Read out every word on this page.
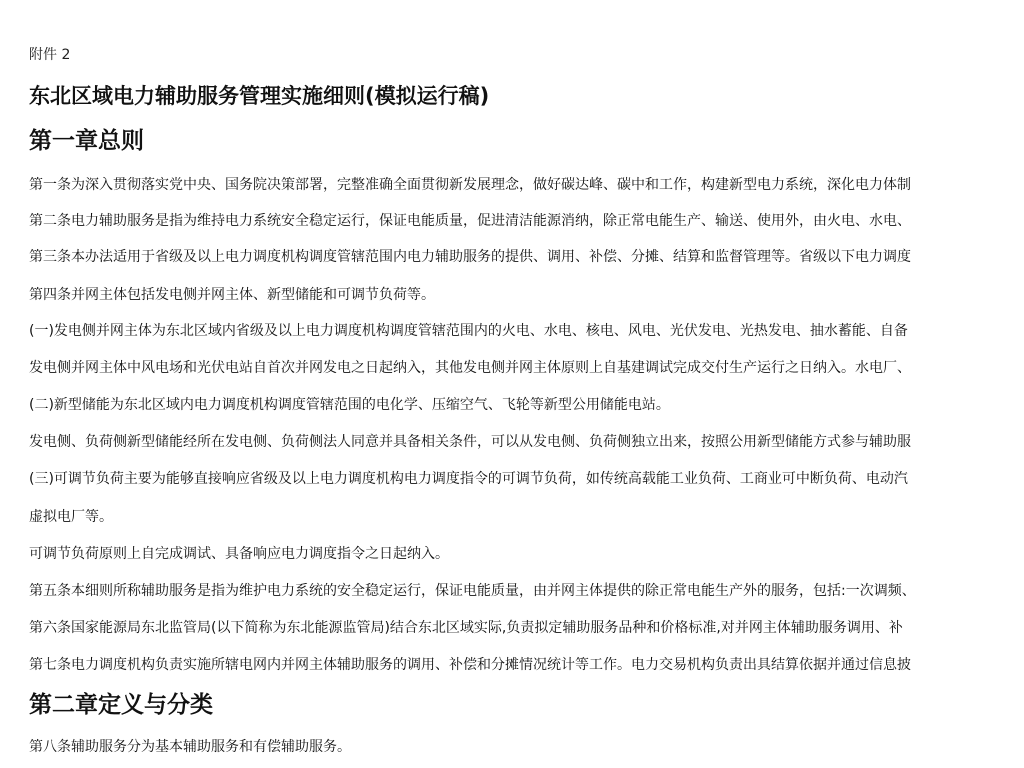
附件 2
东北区域电力辅助服务管理实施细则(模拟运行稿)
第一章总则
第一条为深入贯彻落实党中央、国务院决策部署，完整准确全面贯彻新发展理念，做好碳达峰、碳中和工作，构建新型电力系统，深化电力体制
第二条电力辅助服务是指为维持电力系统安全稳定运行，保证电能质量，促进清洁能源消纳，除正常电能生产、输送、使用外，由火电、水电、
第三条本办法适用于省级及以上电力调度机构调度管辖范围内电力辅助服务的提供、调用、补偿、分摊、结算和监督管理等。省级以下电力调度
第四条并网主体包括发电侧并网主体、新型储能和可调节负荷等。
(一)发电侧并网主体为东北区域内省级及以上电力调度机构调度管辖范围内的火电、水电、核电、风电、光伏发电、光热发电、抽水蓄能、自备
发电侧并网主体中风电场和光伏电站自首次并网发电之日起纳入，其他发电侧并网主体原则上自基建调试完成交付生产运行之日纳入。水电厂、
(二)新型储能为东北区域内电力调度机构调度管辖范围的电化学、压缩空气、飞轮等新型公用储能电站。
发电侧、负荷侧新型储能经所在发电侧、负荷侧法人同意并具备相关条件，可以从发电侧、负荷侧独立出来，按照公用新型储能方式参与辅助服
(三)可调节负荷主要为能够直接响应省级及以上电力调度机构电力调度指令的可调节负荷，如传统高载能工业负荷、工商业可中断负荷、电动汽
虚拟电厂等。
可调节负荷原则上自完成调试、具备响应电力调度指令之日起纳入。
第五条本细则所称辅助服务是指为维护电力系统的安全稳定运行，保证电能质量，由并网主体提供的除正常电能生产外的服务，包括:一次调频、
第六条国家能源局东北监管局(以下简称为东北能源监管局)结合东北区域实际,负责拟定辅助服务品种和价格标准,对并网主体辅助服务调用、补
第七条电力调度机构负责实施所辖电网内并网主体辅助服务的调用、补偿和分摊情况统计等工作。电力交易机构负责出具结算依据并通过信息披
第二章定义与分类
第八条辅助服务分为基本辅助服务和有偿辅助服务。
